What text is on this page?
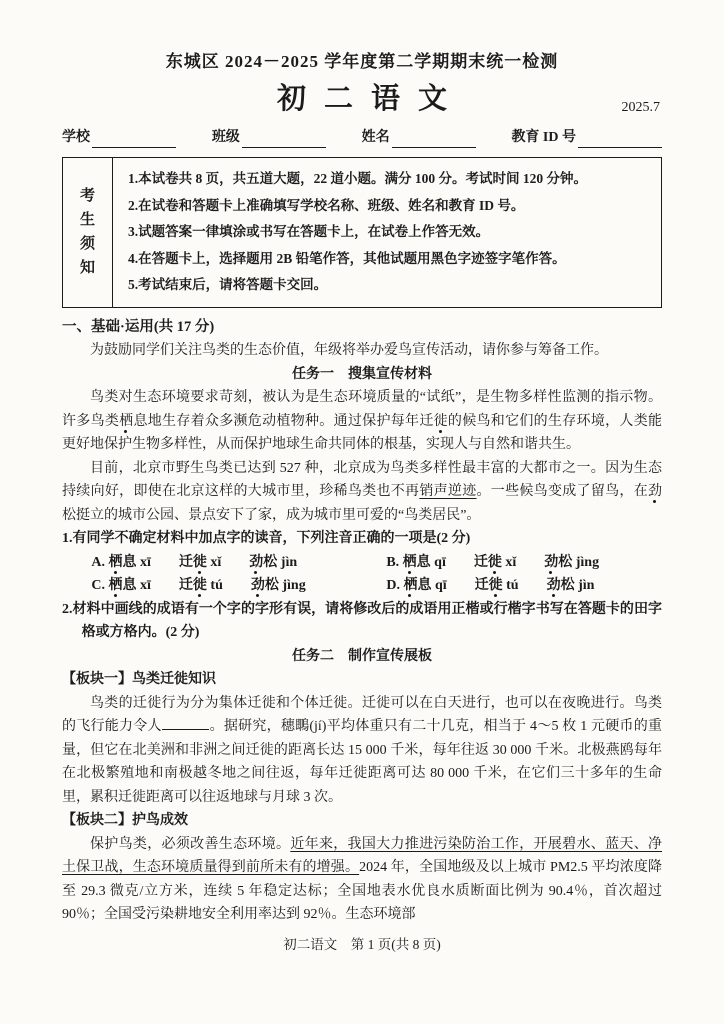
东城区 2024－2025 学年度第二学期期末统一检测
初二语文	2025.7
学校	班级	姓名	教育 ID 号
考
生
须
知
1.本试卷共 8 页，共五道大题，22 道小题。满分 100 分。考试时间 120 分钟。
2.在试卷和答题卡上准确填写学校名称、班级、姓名和教育 ID 号。
3.试题答案一律填涂或书写在答题卡上，在试卷上作答无效。
4.在答题卡上，选择题用 2B 铅笔作答，其他试题用黑色字迹签字笔作答。
5.考试结束后，请将答题卡交回。
一、基础·运用(共 17 分)
为鼓励同学们关注鸟类的生态价值，年级将举办爱鸟宣传活动，请你参与筹备工作。
任务一　搜集宣传材料
鸟类对生态环境要求苛刻，被认为是生态环境质量的“试纸”，是生物多样性监测的指示物。许多鸟类栖息地生存着众多濒危动植物种。通过保护每年迁徙的候鸟和它们的生存环境，人类能更好地保护生物多样性，从而保护地球生命共同体的根基，实现人与自然和谐共生。
目前，北京市野生鸟类已达到 527 种，北京成为鸟类多样性最丰富的大都市之一。因为生态持续向好，即使在北京这样的大城市里，珍稀鸟类也不再销声逆迹。一些候鸟变成了留鸟，在劲松挺立的城市公园、景点安下了家，成为城市里可爱的“鸟类居民”。
1.有同学不确定材料中加点字的读音，下列注音正确的一项是(2 分)
A. 栖息 xī　　 迁徙 xǐ　　 劲松 jìn	B. 栖息 qī　　 迁徙 xǐ　　 劲松 jìng
C. 栖息 xī　　 迁徙 tú　　 劲松 jìng	D. 栖息 qī　　 迁徙 tú　　 劲松 jìn
2.材料中画线的成语有一个字的字形有误，请将修改后的成语用正楷或行楷字书写在答题卡的田字格或方格内。(2 分)
任务二　制作宣传展板
【板块一】鸟类迁徙知识
鸟类的迁徙行为分为集体迁徙和个体迁徙。迁徙可以在白天进行，也可以在夜晚进行。鸟类的飞行能力令人	。据研究，穗䳭(jí)平均体重只有二十几克，相当于 4～5 枚 1 元硬币的重量，但它在北美洲和非洲之间迁徙的距离长达 15 000 千米，每年往返 30 000 千米。北极燕鸥每年在北极繁殖地和南极越冬地之间往返，每年迁徙距离可达 80 000 千米，在它们三十多年的生命里，累积迁徙距离可以往返地球与月球 3 次。
【板块二】护鸟成效
保护鸟类，必须改善生态环境。近年来，我国大力推进污染防治工作，开展碧水、蓝天、净土保卫战，生态环境质量得到前所未有的增强。2024 年，全国地级及以上城市 PM2.5 平均浓度降至 29.3 微克/立方米，连续 5 年稳定达标；全国地表水优良水质断面比例为 90.4％，首次超过 90％；全国受污染耕地安全利用率达到 92％。生态环境部
初二语文　第 1 页(共 8 页)
